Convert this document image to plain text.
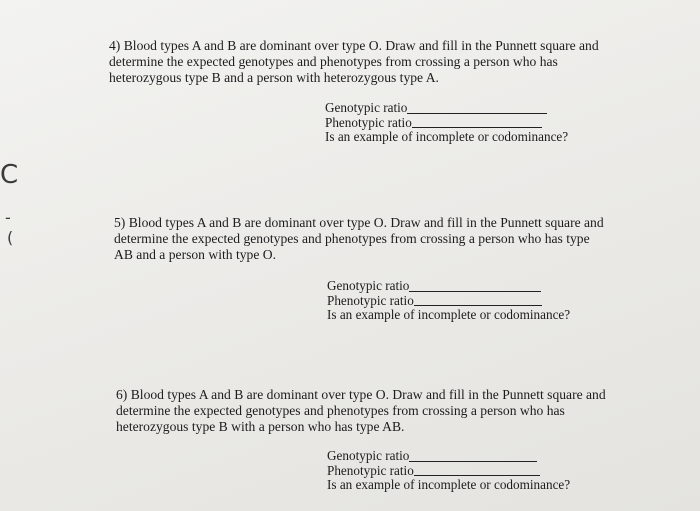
4) Blood types A and B are dominant over type O. Draw and fill in the Punnett square and determine the expected genotypes and phenotypes from crossing a person who has heterozygous type B and a person with heterozygous type A.

Genotypic ratio
Phenotypic ratio
Is an example of incomplete or codominance?

5) Blood types A and B are dominant over type O. Draw and fill in the Punnett square and determine the expected genotypes and phenotypes from crossing a person who has type AB and a person with type O.

Genotypic ratio
Phenotypic ratio
Is an example of incomplete or codominance?

6) Blood types A and B are dominant over type O. Draw and fill in the Punnett square and determine the expected genotypes and phenotypes from crossing a person who has heterozygous type B with a person who has type AB.

Genotypic ratio
Phenotypic ratio
Is an example of incomplete or codominance?
C
-
(
